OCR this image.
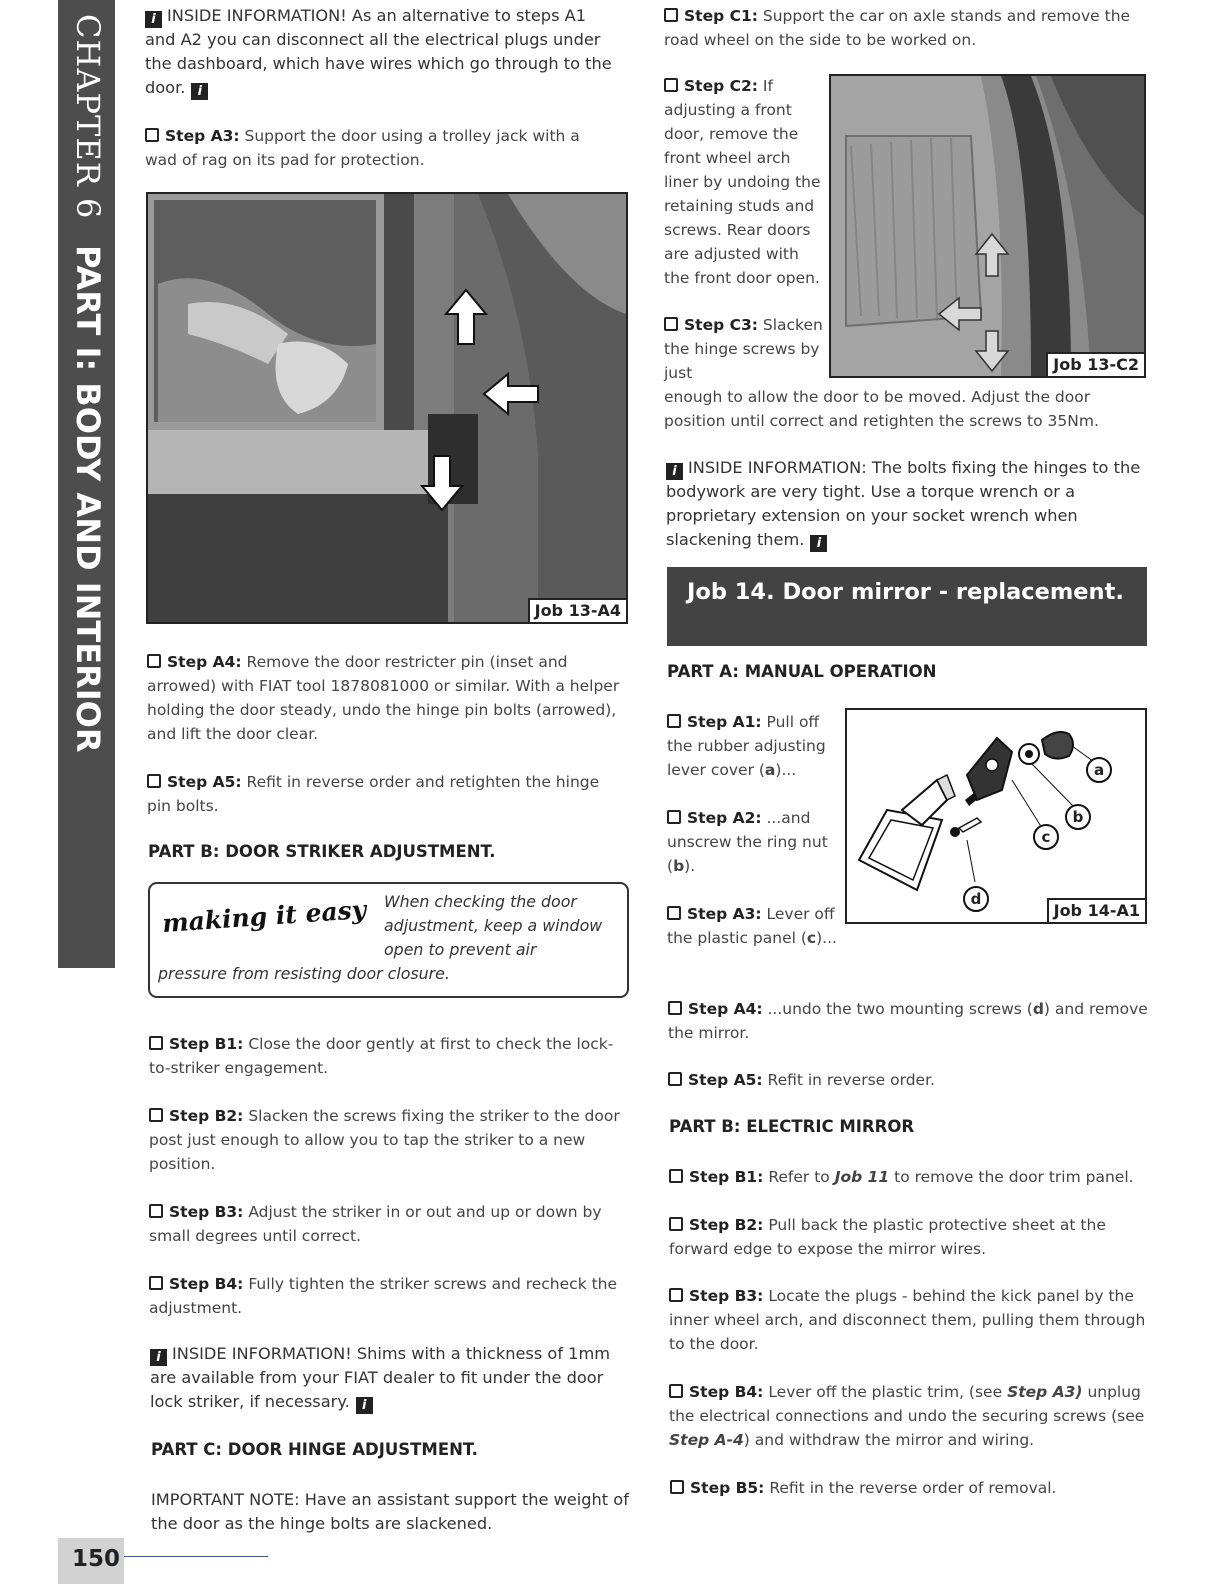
CHAPTER 6PART I: BODY AND INTERIOR

i INSIDE INFORMATION! As an alternative to steps A1 and A2 you can disconnect all the electrical plugs under the dashboard, which have wires which go through to the door. i

Step A3: Support the door using a trolley jack with a wad of rag on its pad for protection.

Job 13-A4

Step A4: Remove the door restricter pin (inset and arrowed) with FIAT tool 1878081000 or similar. With a helper holding the door steady, undo the hinge pin bolts (arrowed), and lift the door clear.

Step A5: Refit in reverse order and retighten the hinge pin bolts.

PART B: DOOR STRIKER ADJUSTMENT.

making it easy	When checking the door adjustment, keep a window open to prevent air
pressure from resisting door closure.

Step B1: Close the door gently at first to check the lock-to-striker engagement.

Step B2: Slacken the screws fixing the striker to the door post just enough to allow you to tap the striker to a new position.

Step B3: Adjust the striker in or out and up or down by small degrees until correct.

Step B4: Fully tighten the striker screws and recheck the adjustment.

i INSIDE INFORMATION! Shims with a thickness of 1mm are available from your FIAT dealer to fit under the door lock striker, if necessary. i

PART C: DOOR HINGE ADJUSTMENT.

IMPORTANT NOTE: Have an assistant support the weight of the door as the hinge bolts are slackened.

150

Step C1: Support the car on axle stands and remove the road wheel on the side to be worked on.

Step C2: If adjusting a front door, remove the front wheel arch liner by undoing the retaining studs and screws. Rear doors are adjusted with the front door open.

Step C3: Slacken the hinge screws by just

enough to allow the door to be moved. Adjust the door position until correct and retighten the screws to 35Nm.

Job 13-C2

i INSIDE INFORMATION: The bolts fixing the hinges to the bodywork are very tight. Use a torque wrench or a proprietary extension on your socket wrench when slackening them. i

Job 14. Door mirror - replacement.

PART A: MANUAL OPERATION

Step A1: Pull off the rubber adjusting lever cover (a)...

Step A2: ...and unscrew the ring nut (b).

Step A3: Lever off the plastic panel (c)...

a
b
c
d
Job 14-A1

Step A4: ...undo the two mounting screws (d) and remove the mirror.

Step A5: Refit in reverse order.

PART B: ELECTRIC MIRROR

Step B1: Refer to Job 11 to remove the door trim panel.

Step B2: Pull back the plastic protective sheet at the forward edge to expose the mirror wires.

Step B3: Locate the plugs - behind the kick panel by the inner wheel arch, and disconnect them, pulling them through to the door.

Step B4: Lever off the plastic trim, (see Step A3) unplug the electrical connections and undo the securing screws (see Step A-4) and withdraw the mirror and wiring.

Step B5: Refit in the reverse order of removal.
